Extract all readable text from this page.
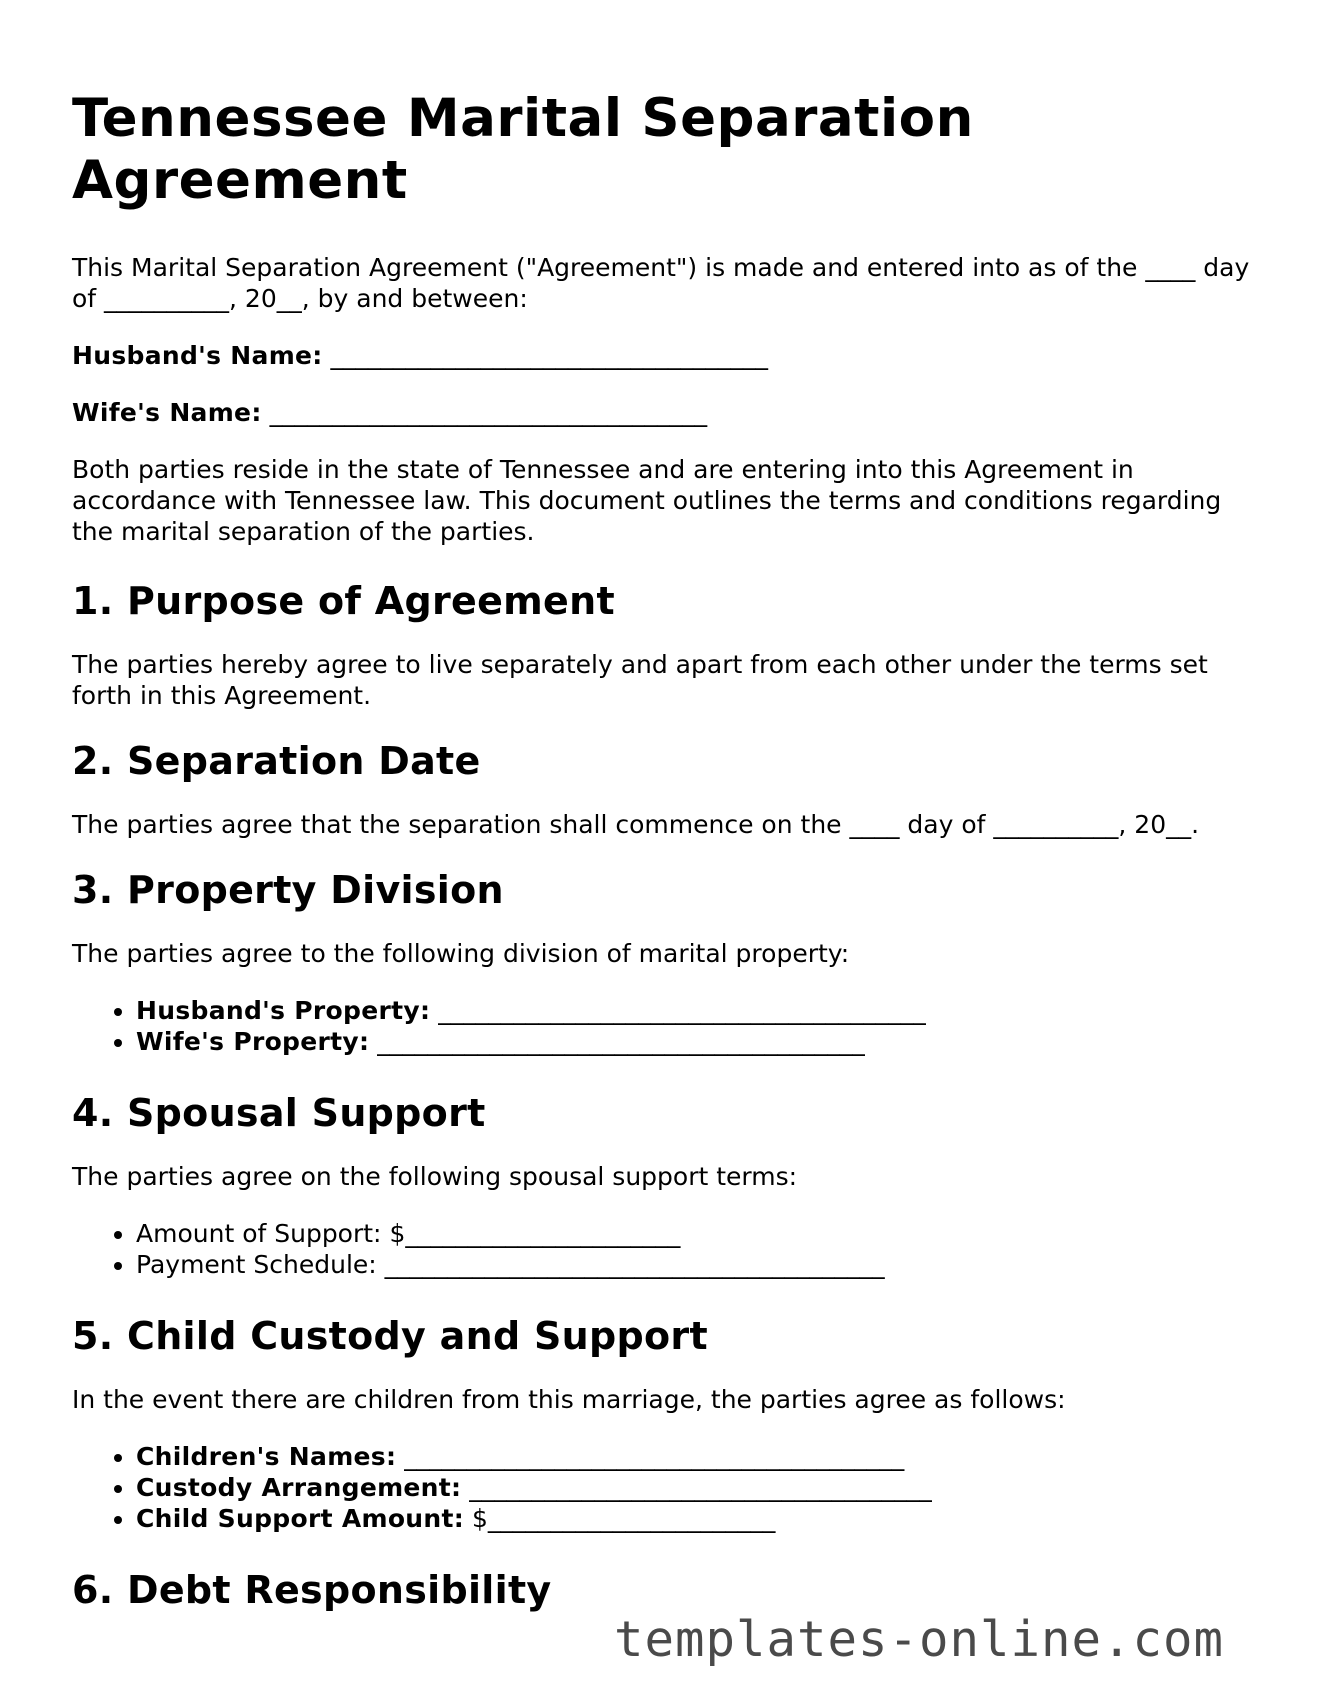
Tennessee Marital Separation Agreement

This Marital Separation Agreement ("Agreement") is made and entered into as of the ____ day of __________, 20__, by and between:

Husband's Name: ___________________________________
Wife's Name: ___________________________________

Both parties reside in the state of Tennessee and are entering into this Agreement in accordance with Tennessee law. This document outlines the terms and conditions regarding the marital separation of the parties.

1. Purpose of Agreement

The parties hereby agree to live separately and apart from each other under the terms set forth in this Agreement.

2. Separation Date

The parties agree that the separation shall commence on the ____ day of __________, 20__.

3. Property Division

The parties agree to the following division of marital property:

• Husband's Property: _______________________________________
• Wife's Property: _______________________________________
4. Spousal Support

The parties agree on the following spousal support terms:

• Amount of Support: $______________________
• Payment Schedule: ________________________________________
5. Child Custody and Support

In the event there are children from this marriage, the parties agree as follows:

• Children's Names: ________________________________________
• Custody Arrangement: _____________________________________
• Child Support Amount: $_______________________
6. Debt Responsibility
templates-online.com
